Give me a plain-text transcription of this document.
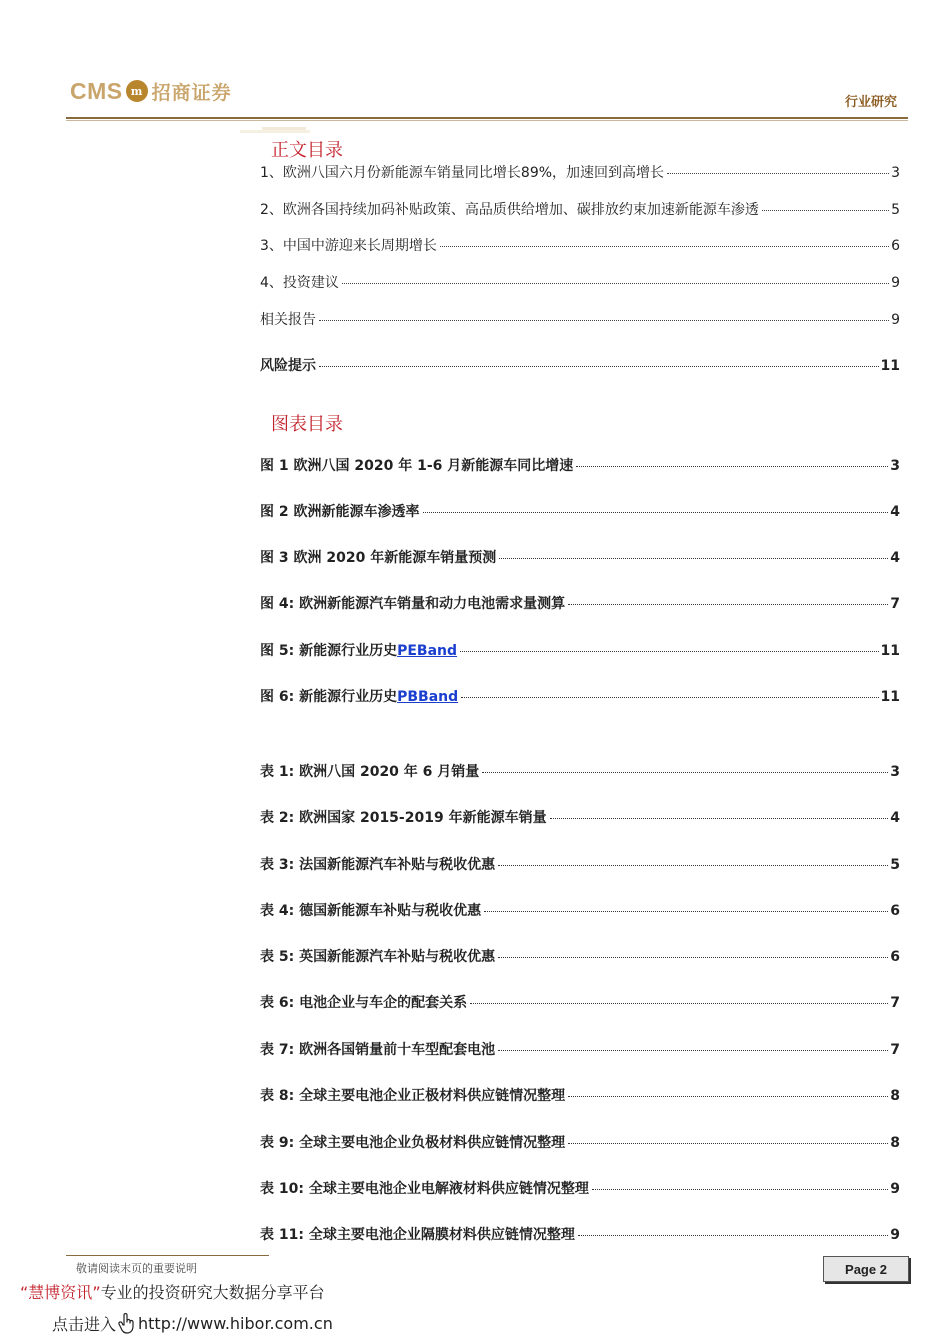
CMS m 招商证券	行业研究
正文目录
1、欧洲八国六月份新能源车销量同比增长89%，加速回到高增长	3
2、欧洲各国持续加码补贴政策、高品质供给增加、碳排放约束加速新能源车渗透	5
3、中国中游迎来长周期增长	6
4、投资建议	9
相关报告	9
风险提示	11
图表目录
图 1 欧洲八国 2020 年 1-6 月新能源车同比增速	3
图 2 欧洲新能源车渗透率	4
图 3 欧洲 2020 年新能源车销量预测	4
图 4: 欧洲新能源汽车销量和动力电池需求量测算	7
图 5: 新能源行业历史 PEBand	11
图 6: 新能源行业历史 PBBand	11
表 1: 欧洲八国 2020 年 6 月销量	3
表 2: 欧洲国家 2015-2019 年新能源车销量	4
表 3: 法国新能源汽车补贴与税收优惠	5
表 4: 德国新能源车补贴与税收优惠	6
表 5: 英国新能源汽车补贴与税收优惠	6
表 6: 电池企业与车企的配套关系	7
表 7: 欧洲各国销量前十车型配套电池	7
表 8: 全球主要电池企业正极材料供应链情况整理	8
表 9: 全球主要电池企业负极材料供应链情况整理	8
表 10: 全球主要电池企业电解液材料供应链情况整理	9
表 11: 全球主要电池企业隔膜材料供应链情况整理	9
敬请阅读末页的重要说明	Page 2
“慧博资讯”专业的投资研究大数据分享平台
点击进入 http://www.hibor.com.cn
